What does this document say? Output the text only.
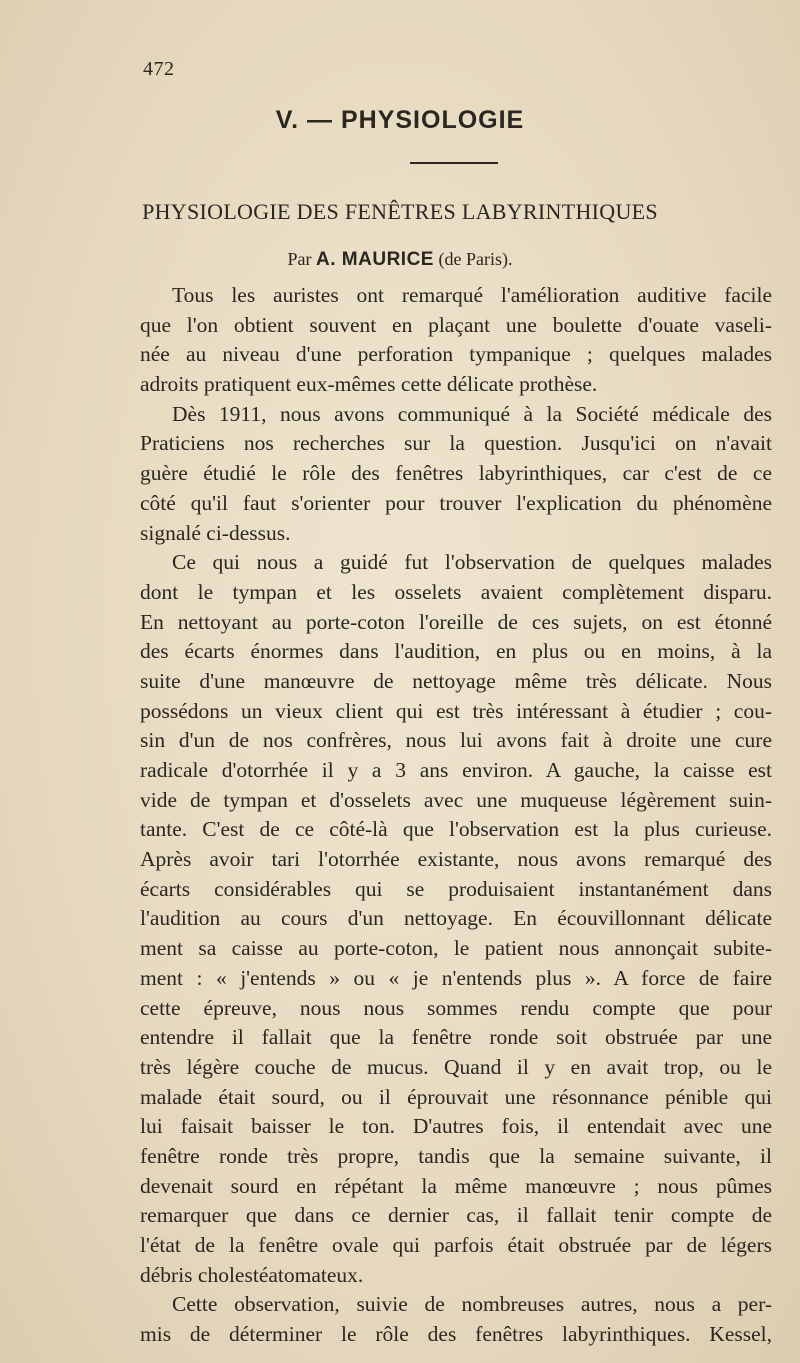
472
V. — PHYSIOLOGIE
PHYSIOLOGIE DES FENÊTRES LABYRINTHIQUES
Par A. MAURICE (de Paris).
Tous les auristes ont remarqué l'amélioration auditive facile
que l'on obtient souvent en plaçant une boulette d'ouate vaseli-
née au niveau d'une perforation tympanique ; quelques malades
adroits pratiquent eux-mêmes cette délicate prothèse.
Dès 1911, nous avons communiqué à la Société médicale des
Praticiens nos recherches sur la question. Jusqu'ici on n'avait
guère étudié le rôle des fenêtres labyrinthiques, car c'est de ce
côté qu'il faut s'orienter pour trouver l'explication du phénomène
signalé ci-dessus.
Ce qui nous a guidé fut l'observation de quelques malades
dont le tympan et les osselets avaient complètement disparu.
En nettoyant au porte-coton l'oreille de ces sujets, on est étonné
des écarts énormes dans l'audition, en plus ou en moins, à la
suite d'une manœuvre de nettoyage même très délicate. Nous
possédons un vieux client qui est très intéressant à étudier ; cou-
sin d'un de nos confrères, nous lui avons fait à droite une cure
radicale d'otorrhée il y a 3 ans environ. A gauche, la caisse est
vide de tympan et d'osselets avec une muqueuse légèrement suin-
tante. C'est de ce côté-là que l'observation est la plus curieuse.
Après avoir tari l'otorrhée existante, nous avons remarqué des
écarts considérables qui se produisaient instantanément dans
l'audition au cours d'un nettoyage. En écouvillonnant délicate
ment sa caisse au porte-coton, le patient nous annonçait subite-
ment : « j'entends » ou « je n'entends plus ». A force de faire
cette épreuve, nous nous sommes rendu compte que pour
entendre il fallait que la fenêtre ronde soit obstruée par une
très légère couche de mucus. Quand il y en avait trop, ou le
malade était sourd, ou il éprouvait une résonnance pénible qui
lui faisait baisser le ton. D'autres fois, il entendait avec une
fenêtre ronde très propre, tandis que la semaine suivante, il
devenait sourd en répétant la même manœuvre ; nous pûmes
remarquer que dans ce dernier cas, il fallait tenir compte de
l'état de la fenêtre ovale qui parfois était obstruée par de légers
débris cholestéatomateux.
Cette observation, suivie de nombreuses autres, nous a per-
mis de déterminer le rôle des fenêtres labyrinthiques. Kessel,
